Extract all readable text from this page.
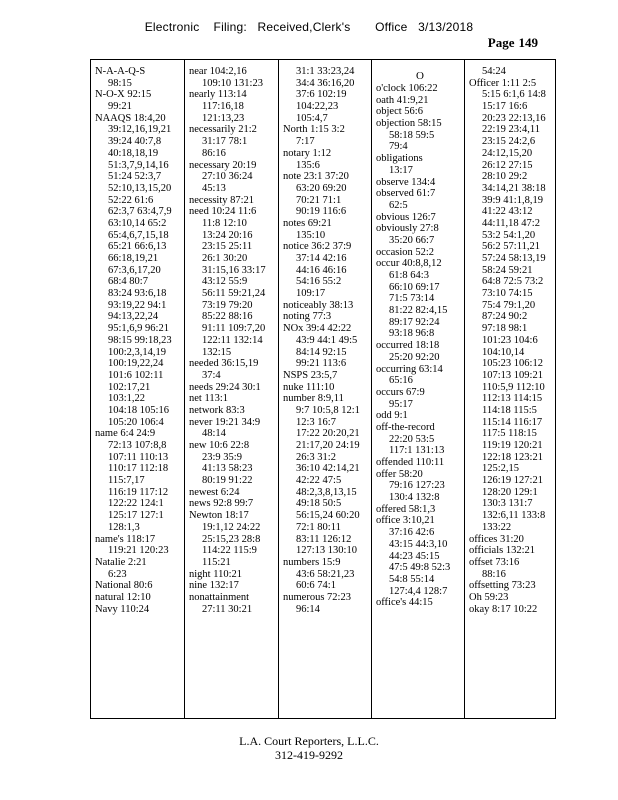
Electronic    Filing:   Received,Clerk's       Office   3/13/2018
Page 149
N-A-A-Q-S
98:15
N-O-X 92:15
99:21
NAAQS 18:4,20
39:12,16,19,21
39:24 40:7,8
40:18,18,19
51:3,7,9,14,16
51:24 52:3,7
52:10,13,15,20
52:22 61:6
62:3,7 63:4,7,9
63:10,14 65:2
65:4,6,7,15,18
65:21 66:6,13
66:18,19,21
67:3,6,17,20
68:4 80:7
83:24 93:6,18
93:19,22 94:1
94:13,22,24
95:1,6,9 96:21
98:15 99:18,23
100:2,3,14,19
100:19,22,24
101:6 102:11
102:17,21
103:1,22
104:18 105:16
105:20 106:4
name 6:4 24:9
72:13 107:8,8
107:11 110:13
110:17 112:18
115:7,17
116:19 117:12
122:22 124:1
125:17 127:1
128:1,3
name's 118:17
119:21 120:23
Natalie 2:21
6:23
National 80:6
natural 12:10
Navy 110:24
near 104:2,16
109:10 131:23
nearly 113:14
117:16,18
121:13,23
necessarily 21:2
31:17 78:1
86:16
necessary 20:19
27:10 36:24
45:13
necessity 87:21
need 10:24 11:6
11:8 12:10
13:24 20:16
23:15 25:11
26:1 30:20
31:15,16 33:17
43:12 55:9
56:11 59:21,24
73:19 79:20
85:22 88:16
91:11 109:7,20
122:11 132:14
132:15
needed 36:15,19
37:4
needs 29:24 30:1
net 113:1
network 83:3
never 19:21 34:9
48:14
new 10:6 22:8
23:9 35:9
41:13 58:23
80:19 91:22
newest 6:24
news 92:8 99:7
Newton 18:17
19:1,12 24:22
25:15,23 28:8
114:22 115:9
115:21
night 110:21
nine 132:17
nonattainment
27:11 30:21
31:1 33:23,24
34:4 36:16,20
37:6 102:19
104:22,23
105:4,7
North 1:15 3:2
7:17
notary 1:12
135:6
note 23:1 37:20
63:20 69:20
70:21 71:1
90:19 116:6
notes 69:21
135:10
notice 36:2 37:9
37:14 42:16
44:16 46:16
54:16 55:2
109:17
noticeably 38:13
noting 77:3
NOx 39:4 42:22
43:9 44:1 49:5
84:14 92:15
99:21 113:6
NSPS 23:5,7
nuke 111:10
number 8:9,11
9:7 10:5,8 12:1
12:3 16:7
17:22 20:20,21
21:17,20 24:19
26:3 31:2
36:10 42:14,21
42:22 47:5
48:2,3,8,13,15
49:18 50:5
56:15,24 60:20
72:1 80:11
83:11 126:12
127:13 130:10
numbers 15:9
43:6 58:21,23
60:6 74:1
numerous 72:23
96:14
O
o'clock 106:22
oath 41:9,21
object 56:6
objection 58:15
58:18 59:5
79:4
obligations
13:17
observe 134:4
observed 61:7
62:5
obvious 126:7
obviously 27:8
35:20 66:7
occasion 52:2
occur 40:8,8,12
61:8 64:3
66:10 69:17
71:5 73:14
81:22 82:4,15
89:17 92:24
93:18 96:8
occurred 18:18
25:20 92:20
occurring 63:14
65:16
occurs 67:9
95:17
odd 9:1
off-the-record
22:20 53:5
117:1 131:13
offended 110:11
offer 58:20
79:16 127:23
130:4 132:8
offered 58:1,3
office 3:10,21
37:16 42:6
43:15 44:3,10
44:23 45:15
47:5 49:8 52:3
54:8 55:14
127:4,4 128:7
office's 44:15
54:24
Officer 1:11 2:5
5:15 6:1,6 14:8
15:17 16:6
20:23 22:13,16
22:19 23:4,11
23:15 24:2,6
24:12,15,20
26:12 27:15
28:10 29:2
34:14,21 38:18
39:9 41:1,8,19
41:22 43:12
44:11,18 47:2
53:2 54:1,20
56:2 57:11,21
57:24 58:13,19
58:24 59:21
64:8 72:5 73:2
73:10 74:15
75:4 79:1,20
87:24 90:2
97:18 98:1
101:23 104:6
104:10,14
105:23 106:12
107:13 109:21
110:5,9 112:10
112:13 114:15
114:18 115:5
115:14 116:17
117:5 118:15
119:19 120:21
122:18 123:21
125:2,15
126:19 127:21
128:20 129:1
130:3 131:7
132:6,11 133:8
133:22
offices 31:20
officials 132:21
offset 73:16
88:16
offsetting 73:23
Oh 59:23
okay 8:17 10:22
L.A. Court Reporters, L.L.C.
312-419-9292
